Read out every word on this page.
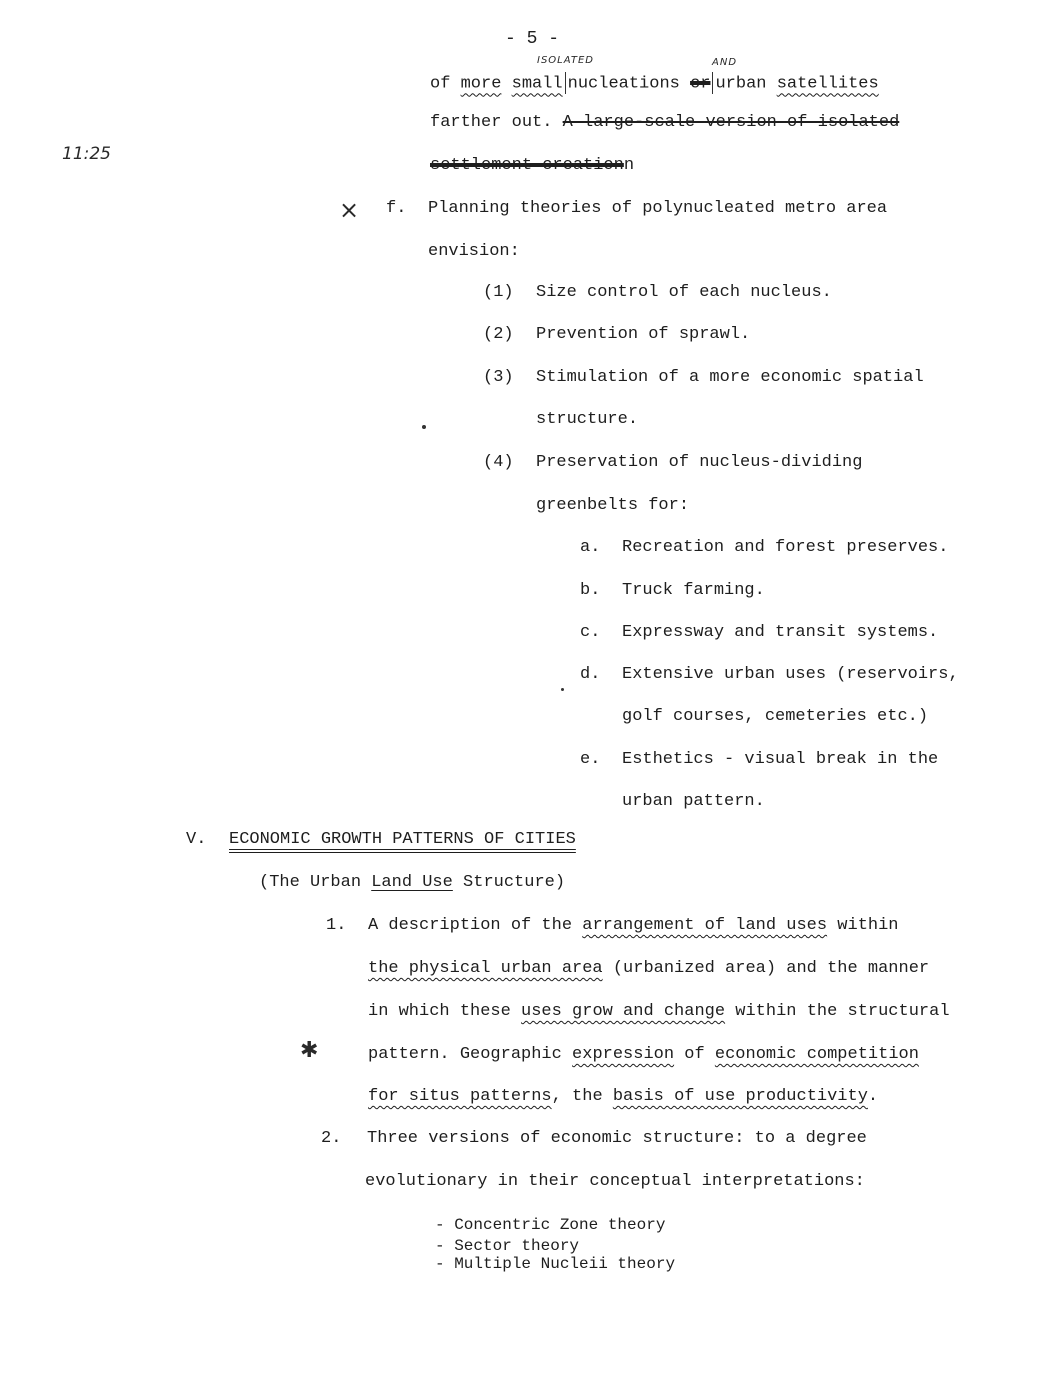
- 5 -
11:25
ISOLATED	AND
of more small nucleations or urban satellites
farther out. A large-scale version of isolated
settlement creationn
× f. Planning theories of polynucleated metro area
envision:
(1) Size control of each nucleus.
(2) Prevention of sprawl.
(3) Stimulation of a more economic spatial
structure.
(4) Preservation of nucleus-dividing
greenbelts for:
a. Recreation and forest preserves.
b. Truck farming.
c. Expressway and transit systems.
d. Extensive urban uses (reservoirs,
golf courses, cemeteries etc.)
e. Esthetics - visual break in the
urban pattern.
V. ECONOMIC GROWTH PATTERNS OF CITIES
(The Urban Land Use Structure)
1. A description of the arrangement of land uses within
the physical urban area (urbanized area) and the manner
in which these uses grow and change within the structural
✱	pattern. Geographic expression of economic competition
for situs patterns, the basis of use productivity.
2. Three versions of economic structure: to a degree
evolutionary in their conceptual interpretations:
- Concentric Zone theory
- Sector theory
- Multiple Nucleii theory
